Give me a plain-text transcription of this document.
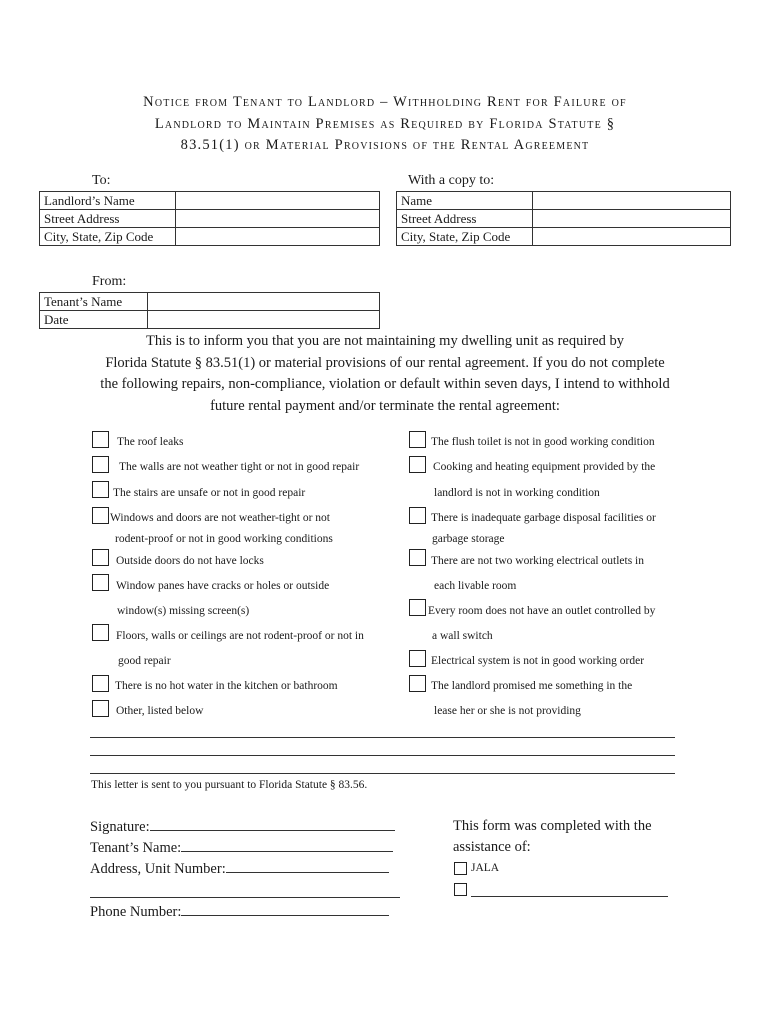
Notice from Tenant to Landlord – Withholding Rent for Failure of
Landlord to Maintain Premises as Required by Florida Statute §
83.51(1) or Material Provisions of the Rental Agreement
To:
Landlord’s Name	
Street Address	
City, State, Zip Code	
With a copy to:
Name	
Street Address	
City, State, Zip Code	
From:
Tenant’s Name	
Date	
This is to inform you that you are not maintaining my dwelling unit as required by
Florida Statute § 83.51(1) or material provisions of our rental agreement. If you do not complete
the following repairs, non-compliance, violation or default within seven days, I intend to withhold
future rental payment and/or terminate the rental agreement:
The roof leaks
The walls are not weather tight or not in good repair
The stairs are unsafe or not in good repair
Windows and doors are not weather-tight or not
rodent-proof or not in good working conditions
Outside doors do not have locks
Window panes have cracks or holes or outside
window(s) missing screen(s)
Floors, walls or ceilings are not rodent-proof or not in
good repair
There is no hot water in the kitchen or bathroom
Other, listed below
The flush toilet is not in good working condition
Cooking and heating equipment provided by the
landlord is not in working condition
There is inadequate garbage disposal facilities or
garbage storage
There are not two working electrical outlets in
each livable room
Every room does not have an outlet controlled by
a wall switch
Electrical system is not in good working order
The landlord promised me something in the
lease her or she is not providing
This letter is sent to you pursuant to Florida Statute § 83.56.
Signature:
Tenant’s Name:
Address, Unit Number:
Phone Number:
This form was completed with the
assistance of:
JALA
